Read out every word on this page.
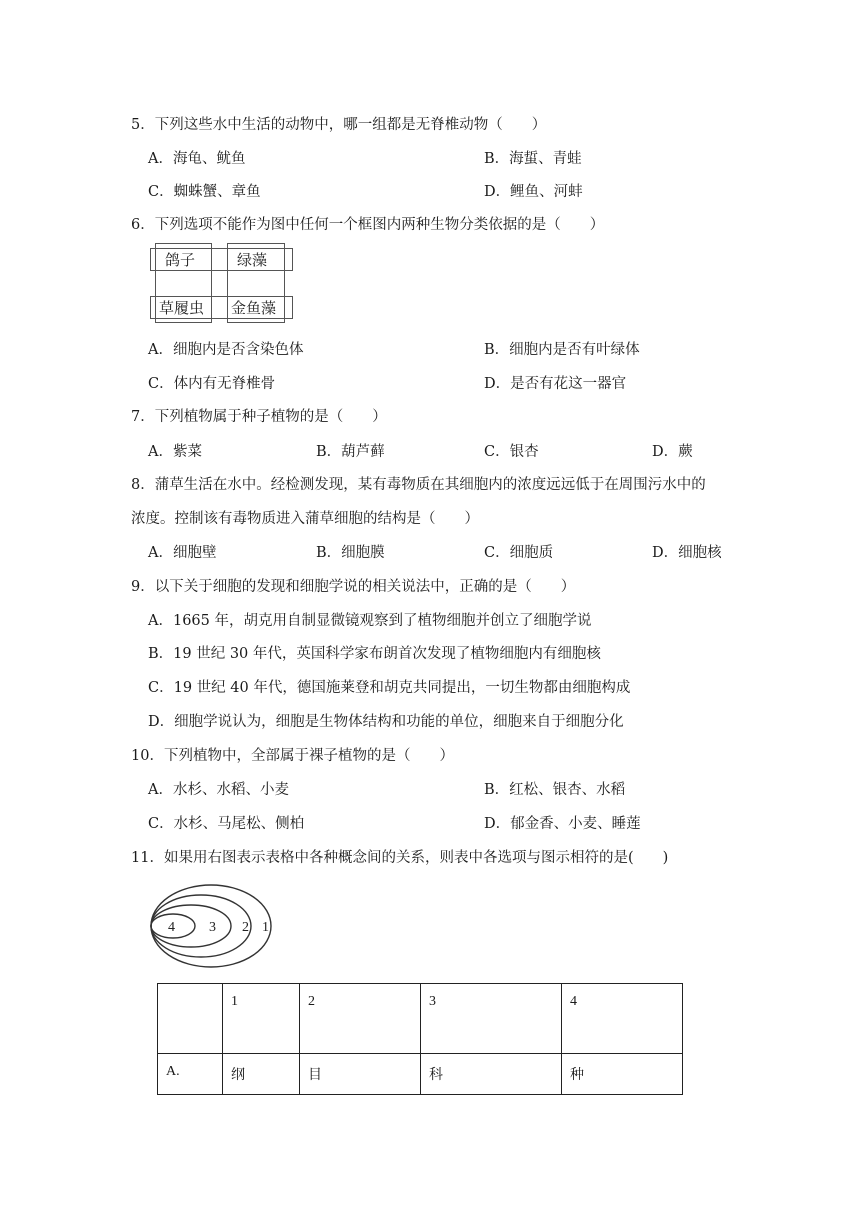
5．下列这些水中生活的动物中，哪一组都是无脊椎动物（　　）
A．海龟、鱿鱼	B．海蜇、青蛙
C．蜘蛛蟹、章鱼	D．鲤鱼、河蚌
6．下列选项不能作为图中任何一个框图内两种生物分类依据的是（　　）
鸽子	绿藻
草履虫 金鱼藻
A．细胞内是否含染色体	B．细胞内是否有叶绿体
C．体内有无脊椎骨	D．是否有花这一器官
7．下列植物属于种子植物的是（　　）
A．紫菜	B．葫芦藓	C．银杏	D．蕨
8．蒲草生活在水中。经检测发现，某有毒物质在其细胞内的浓度远远低于在周围污水中的
浓度。控制该有毒物质进入蒲草细胞的结构是（　　）
A．细胞壁	B．细胞膜	C．细胞质	D．细胞核
9．以下关于细胞的发现和细胞学说的相关说法中，正确的是（　　）
A．1665 年，胡克用自制显微镜观察到了植物细胞并创立了细胞学说
B．19 世纪 30 年代，英国科学家布朗首次发现了植物细胞内有细胞核
C．19 世纪 40 年代，德国施莱登和胡克共同提出，一切生物都由细胞构成
D．细胞学说认为，细胞是生物体结构和功能的单位，细胞来自于细胞分化
10．下列植物中，全部属于裸子植物的是（　　）
A．水杉、水稻、小麦	B．红松、银杏、水稻
C．水杉、马尾松、侧柏	D．郁金香、小麦、睡莲
11．如果用右图表示表格中各种概念间的关系，则表中各选项与图示相符的是(　　)
4 3 2 1
	1	2	3	4
A.	纲	目	科	种
